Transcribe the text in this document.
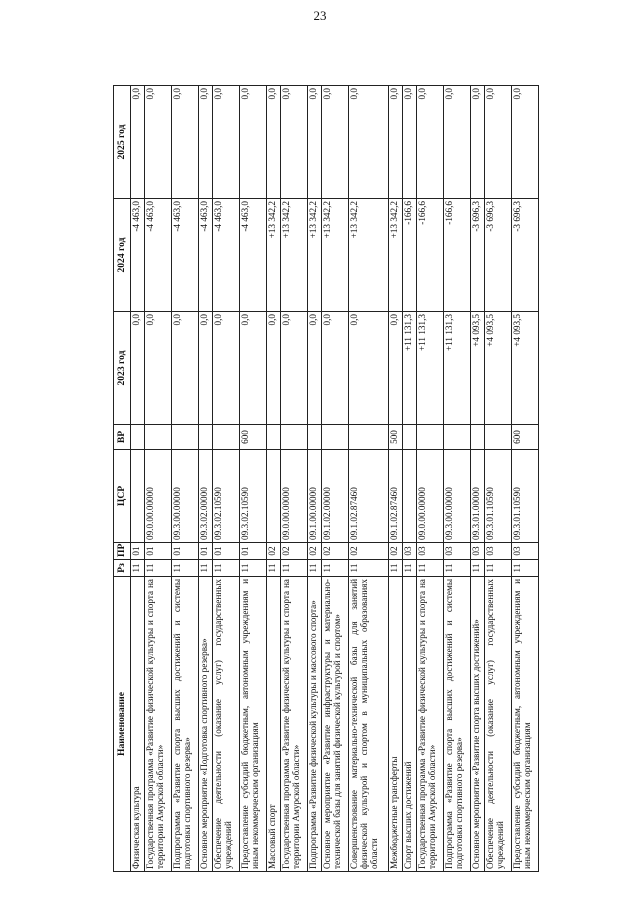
23
Наименование	Рз	ПР	ЦСР	ВР	2023 год	2024 год	2025 год
Физическая культура	11	01			0,0	-4 463,0	0,0
Государственная программа «Развитие физической культуры и спорта на территории Амурской области»	11	01	09.0.00.00000		0,0	-4 463,0	0,0
Подпрограмма «Развитие спорта высших достижений и системы подготовки спортивного резерва»	11	01	09.3.00.00000		0,0	-4 463,0	0,0
Основное мероприятие «Подготовка спортивного резерва»	11	01	09.3.02.00000		0,0	-4 463,0	0,0
Обеспечение деятельности (оказание услуг) государственных учреждений	11	01	09.3.02.10590		0,0	-4 463,0	0,0
Предоставление субсидий бюджетным, автономным учреждениям и иным некоммерческим организациям	11	01	09.3.02.10590	600	0,0	-4 463,0	0,0
Массовый спорт	11	02			0,0	+13 342,2	0,0
Государственная программа «Развитие физической культуры и спорта на территории Амурской области»	11	02	09.0.00.00000		0,0	+13 342,2	0,0
Подпрограмма «Развитие физической культуры и массового спорта»	11	02	09.1.00.00000		0,0	+13 342,2	0,0
Основное мероприятие «Развитие инфраструктуры и материально-технической базы для занятий физической культурой и спортом»	11	02	09.1.02.00000		0,0	+13 342,2	0,0
Совершенствование материально-технической базы для занятий физической культурой и спортом в муниципальных образованиях области	11	02	09.1.02.87460		0,0	+13 342,2	0,0
Межбюджетные трансферты	11	02	09.1.02.87460	500	0,0	+13 342,2	0,0
Спорт высших достижений	11	03			+11 131,3	-166,6	0,0
Государственная программа «Развитие физической культуры и спорта на территории Амурской области»	11	03	09.0.00.00000		+11 131,3	-166,6	0,0
Подпрограмма «Развитие спорта высших достижений и системы подготовки спортивного резерва»	11	03	09.3.00.00000		+11 131,3	-166,6	0,0
Основное мероприятие «Развитие спорта высших достижений»	11	03	09.3.01.00000		+4 093,5	-3 696,3	0,0
Обеспечение деятельности (оказание услуг) государственных учреждений	11	03	09.3.01.10590		+4 093,5	-3 696,3	0,0
Предоставление субсидий бюджетным, автономным учреждениям и иным некоммерческим организациям	11	03	09.3.01.10590	600	+4 093,5	-3 696,3	0,0
